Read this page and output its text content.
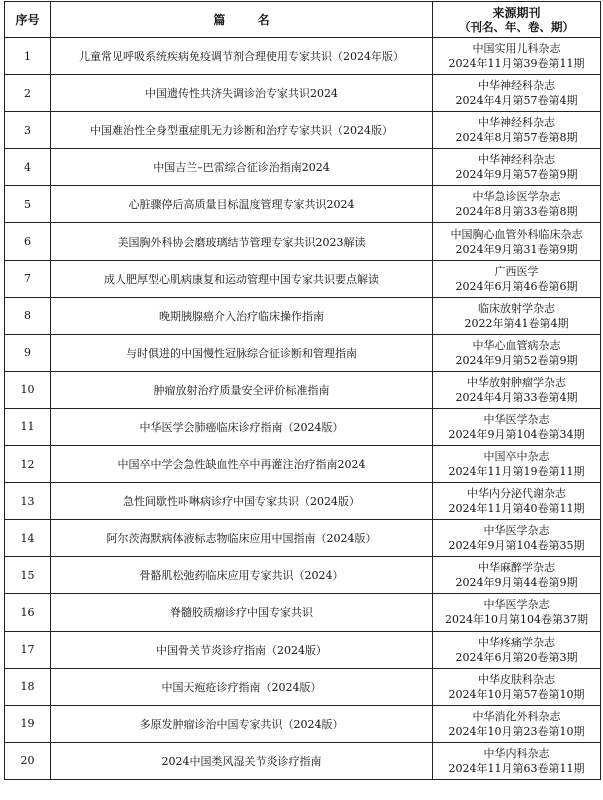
序号	篇 名	来源期刊
（刊名、年、卷、期）

1	儿童常见呼吸系统疾病免疫调节剂合理使用专家共识（2024年版）	中国实用儿科杂志
2024年11月第39卷第11期

2	中国遗传性共济失调诊治专家共识2024	中华神经科杂志
2024年4月第57卷第4期

3	中国难治性全身型重症肌无力诊断和治疗专家共识（2024版）	中华神经科杂志
2024年8月第57卷第8期

4	中国吉兰–巴雷综合征诊治指南2024	中华神经科杂志
2024年9月第57卷第9期

5	心脏骤停后高质量目标温度管理专家共识2024	中华急诊医学杂志
2024年8月第33卷第8期

6	美国胸外科协会磨玻璃结节管理专家共识2023解读	中国胸心血管外科临床杂志
2024年9月第31卷第9期

7	成人肥厚型心肌病康复和运动管理中国专家共识要点解读	广西医学
2024年6月第46卷第6期

8	晚期胰腺癌介入治疗临床操作指南	临床放射学杂志
2022年第41卷第4期

9	与时俱进的中国慢性冠脉综合征诊断和管理指南	中华心血管病杂志
2024年9月第52卷第9期

10	肿瘤放射治疗质量安全评价标准指南	中华放射肿瘤学杂志
2024年4月第33卷第4期

11	中华医学会肺癌临床诊疗指南（2024版）	中华医学杂志
2024年9月第104卷第34期

12	中国卒中学会急性缺血性卒中再灌注治疗指南2024	中国卒中杂志
2024年11月第19卷第11期

13	急性间歇性卟啉病诊疗中国专家共识（2024版）	中华内分泌代谢杂志
2024年11月第40卷第11期

14	阿尔茨海默病体液标志物临床应用中国指南（2024版）	中华医学杂志
2024年9月第104卷第35期

15	骨骼肌松弛药临床应用专家共识（2024）	中华麻醉学杂志
2024年9月第44卷第9期

16	脊髓胶质瘤诊疗中国专家共识	中华医学杂志
2024年10月第104卷第37期

17	中国骨关节炎诊疗指南（2024版）	中华疼痛学杂志
2024年6月第20卷第3期

18	中国天疱疮诊疗指南（2024版）	中华皮肤科杂志
2024年10月第57卷第10期

19	多原发肿瘤诊治中国专家共识（2024版）	中华消化外科杂志
2024年10月第23卷第10期

20	2024中国类风湿关节炎诊疗指南	中华内科杂志
2024年11月第63卷第11期
